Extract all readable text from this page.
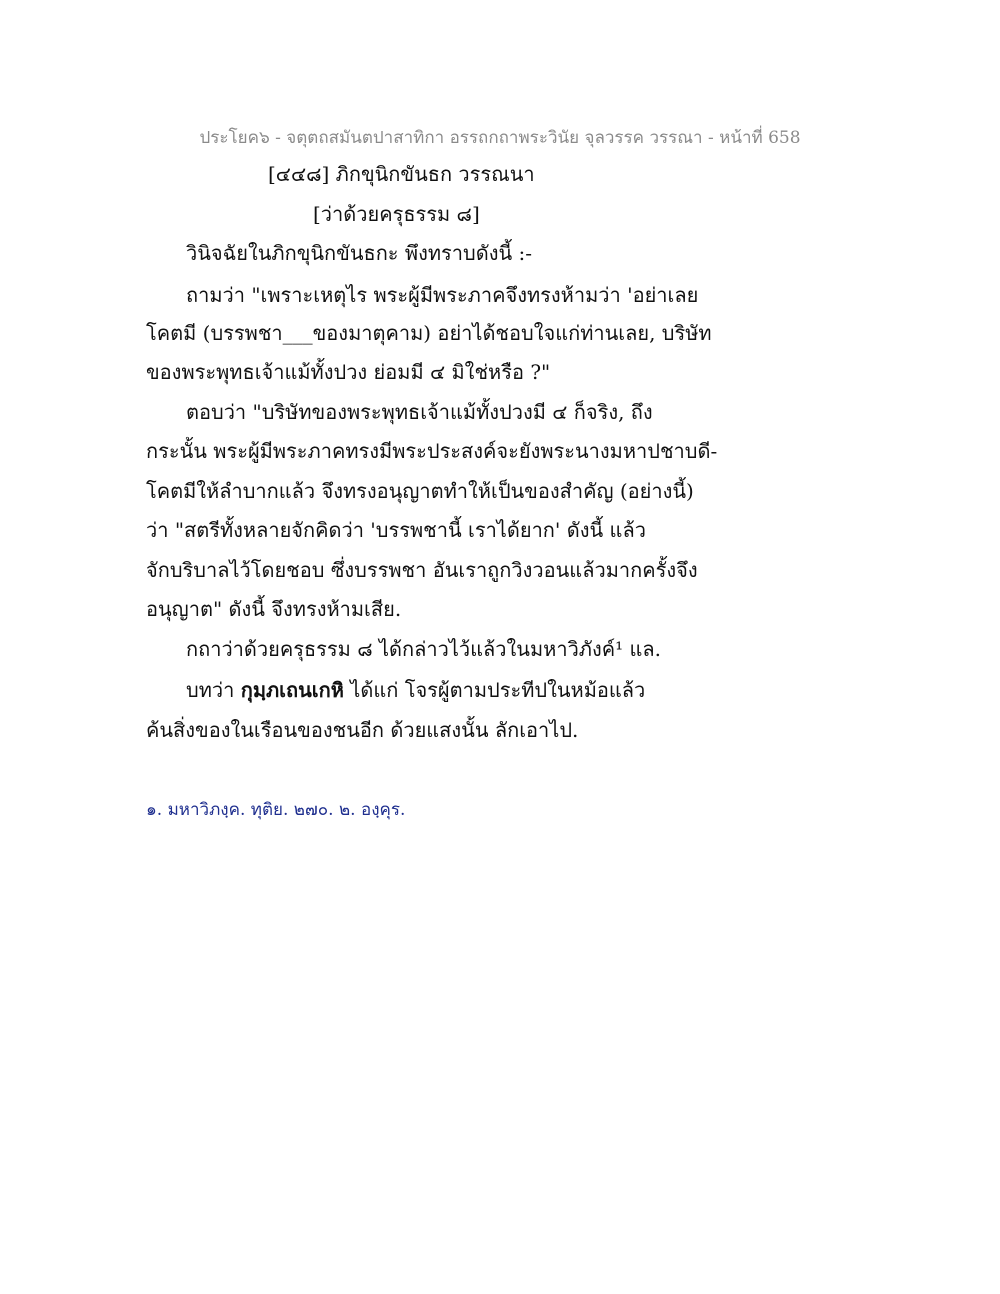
ประโยค๖ - จตุตถสมันตปาสาทิกา อรรถกถาพระวินัย จุลวรรค วรรณา - หน้าที่ 658
[๔๔๘] ภิกขุนิกขันธก วรรณนา
[ว่าด้วยครุธรรม ๘]
วินิจฉัยในภิกขุนิกขันธกะ พึงทราบดังนี้ :-
ถามว่า "เพราะเหตุไร พระผู้มีพระภาคจึงทรงห้ามว่า 'อย่าเลย
โคตมี (บรรพชา___ของมาตุคาม) อย่าได้ชอบใจแก่ท่านเลย, บริษัท
ของพระพุทธเจ้าแม้ทั้งปวง ย่อมมี ๔ มิใช่หรือ ?"
ตอบว่า "บริษัทของพระพุทธเจ้าแม้ทั้งปวงมี ๔ ก็จริง, ถึง
กระนั้น พระผู้มีพระภาคทรงมีพระประสงค์จะยังพระนางมหาปชาบดี-
โคตมีให้ลำบากแล้ว จึงทรงอนุญาตทำให้เป็นของสำคัญ (อย่างนี้)
ว่า "สตรีทั้งหลายจักคิดว่า 'บรรพชานี้ เราได้ยาก' ดังนี้ แล้ว
จักบริบาลไว้โดยชอบ ซึ่งบรรพชา อันเราถูกวิงวอนแล้วมากครั้งจึง
อนุญาต" ดังนี้ จึงทรงห้ามเสีย.
กถาว่าด้วยครุธรรม ๘ ได้กล่าวไว้แล้วในมหาวิภังค์¹ แล.
บทว่า กุมฺภเถนเกหิ ได้แก่ โจรผู้ตามประทีปในหม้อแล้ว
ค้นสิ่งของในเรือนของชนอีก ด้วยแสงนั้น ลักเอาไป.
๑. มหาวิภงฺค. ทุติย. ๒๗๐. ๒. องฺคุร.
